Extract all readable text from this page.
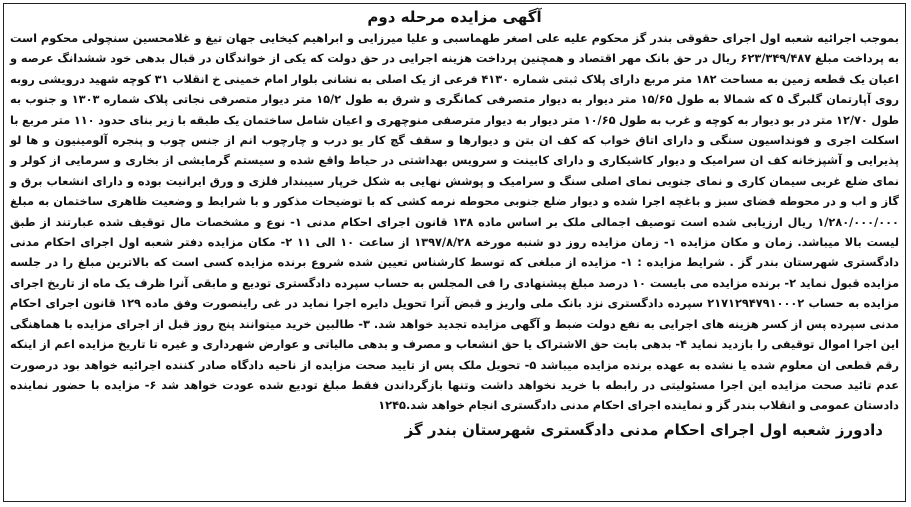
آگهی مزایده مرحله دوم

بموجب اجرائیه شعبه اول اجرای حقوقی بندر گز محکوم علیه علی اصغر طهماسبی و علیا میرزایی و ابراهیم کیخایی جهان تیغ و غلامحسین سنچولی محکوم است به پرداخت مبلغ ۶۲۳/۳۴۹/۴۸۷ ریال در حق بانک مهر اقتصاد و همچنین پرداخت هزینه اجرایی در حق دولت که یکی از خواندگان در قبال بدهی خود ششدانگ عرصه و اعیان یک قطعه زمین به مساحت ۱۸۲ متر مربع دارای پلاک ثبتی شماره ۴۱۳۰ فرعی از یک اصلی به نشانی بلوار امام خمینی خ انقلاب ۳۱ کوچه شهید درویشی روبه روی آپارتمان گلبرگ ۵ که شمالا به طول ۱۵/۶۵ متر دیوار به دیوار متصرفی کمانگری و شرق به طول ۱۵/۲ متر دیوار متصرفی نجاتی پلاک شماره ۱۳۰۳ و جنوب به طول ۱۲/۷۰ متر در بو دیوار به کوچه و غرب به طول ۱۰/۶۵ متر دیوار به دیوار مترصفی منوچهری و اعیان شامل ساختمان یک طبقه با زیر بنای حدود ۱۱۰ متر مربع با اسکلت اجری و فونداسیون سنگی و دارای اتاق خواب که کف ان بتن و دیوارها و سقف گچ کار یو درب و چارچوب انم از جنس چوب و پنجره آلومینیون و ها لو پذیرایی و آشپزخانه کف ان سرامیک و دیوار کاشیکاری و دارای کابینت و سرویس بهداشتی در حیاط واقع شده و سیستم گرمایشی از بخاری و سرمایی از کولر و نمای ضلع غربی سیمان کاری و نمای جنوبی نمای اصلی سنگ و سرامیک و پوشش نهایی به شکل خرپار سیبندار فلزی و ورق ایرانیت بوده و دارای انشعاب برق و گاز و اب و در محوطه فضای سبز و باغچه اجرا شده و دیوار ضلع جنوبی محوطه نرمه کشی که با توضیحات مذکور و با شرایط و وضعیت ظاهری ساختمان به مبلغ ۱/۲۸۰/۰۰۰/۰۰۰ ریال ارزیابی شده است توصیف اجمالی ملک بر اساس ماده ۱۳۸ قانون اجرای احکام مدنی ۱- نوع و مشخصات مال توقیف شده عبارتند از طبق لیست بالا میباشد. زمان و مکان مزایده ۱- زمان مزایده روز دو شنبه مورخه ۱۳۹۷/۸/۲۸ از ساعت ۱۰ الی ۱۱ ۲- مکان مزایده دفتر شعبه اول اجرای احکام مدنی دادگستری شهرستان بندر گز . شرایط مزایده : ۱- مزایده از مبلغی که توسط کارشناس تعیین شده شروع برنده مزایده کسی است که بالاترین مبلغ را در جلسه مزایده قبول نماید ۲- برنده مزایده می بایست ۱۰ درصد مبلغ پیشنهادی را فی المجلس به حساب سپرده دادگستری تودیع و مابقی آنرا ظرف یک ماه از تاریخ اجرای مزایده به حساب ۲۱۷۱۲۹۴۷۹۱۰۰۰۲ سپرده دادگستری نزد بانک ملی واریز و قبض آنرا تحویل دایره اجرا نماید در غی راینصورت وفق ماده ۱۲۹ قانون اجرای احکام مدنی سپرده پس از کسر هزینه های اجرایی به نفع دولت ضبط و آگهی مزایده تجدید خواهد شد. ۳- طالبین خرید میتوانند پنج روز قبل از اجرای مزایده با هماهنگی این اجرا اموال توقیفی را بازدید نماید ۴- بدهی بابت حق الاشتراک یا حق انشعاب و مصرف و بدهی مالیاتی و عوارض شهرداری و غیره تا تاریخ مزایده اعم از اینکه رقم قطعی ان معلوم شده یا نشده به عهده برنده مزایده میباشد ۵- تحویل ملک پس از تایید صحت مزایده از ناحیه دادگاه صادر کننده اجرائیه خواهد بود درصورت عدم تائید صحت مزایده این اجرا مسئولیتی در رابطه با خرید نخواهد داشت وتنها بازگرداندن فقط مبلغ تودیع شده عودت خواهد شد ۶- مزایده با حضور نماینده دادستان عمومی و انقلاب بندر گز و نماینده اجرای احکام مدنی دادگستری انجام خواهد شد.۱۲۴۵

دادورز شعبه اول اجرای احکام مدنی دادگستری شهرستان بندر گز
